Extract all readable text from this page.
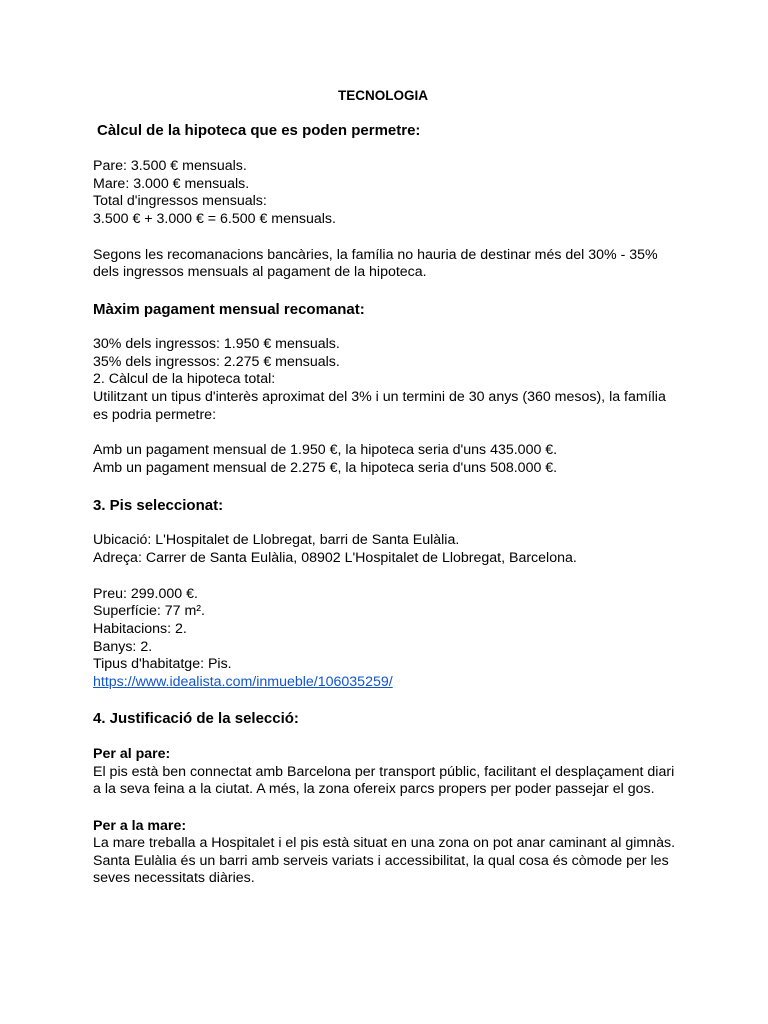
TECNOLOGIA
Càlcul de la hipoteca que es poden permetre:
Pare: 3.500 € mensuals.
Mare: 3.000 € mensuals.
Total d'ingressos mensuals:
3.500 € + 3.000 € = 6.500 € mensuals.
Segons les recomanacions bancàries, la família no hauria de destinar més del 30% - 35%
dels ingressos mensuals al pagament de la hipoteca.
Màxim pagament mensual recomanat:
30% dels ingressos: 1.950 € mensuals.
35% dels ingressos: 2.275 € mensuals.
2. Càlcul de la hipoteca total:
Utilitzant un tipus d'interès aproximat del 3% i un termini de 30 anys (360 mesos), la família
es podria permetre:
Amb un pagament mensual de 1.950 €, la hipoteca seria d'uns 435.000 €.
Amb un pagament mensual de 2.275 €, la hipoteca seria d'uns 508.000 €.
3. Pis seleccionat:
Ubicació: L'Hospitalet de Llobregat, barri de Santa Eulàlia.
Adreça: Carrer de Santa Eulàlia, 08902 L'Hospitalet de Llobregat, Barcelona.
Preu: 299.000 €.
Superfície: 77 m².
Habitacions: 2.
Banys: 2.
Tipus d'habitatge: Pis.
https://www.idealista.com/inmueble/106035259/
4. Justificació de la selecció:
Per al pare:
El pis està ben connectat amb Barcelona per transport públic, facilitant el desplaçament diari
a la seva feina a la ciutat. A més, la zona ofereix parcs propers per poder passejar el gos.
Per a la mare:
La mare treballa a Hospitalet i el pis està situat en una zona on pot anar caminant al gimnàs.
Santa Eulàlia és un barri amb serveis variats i accessibilitat, la qual cosa és còmode per les
seves necessitats diàries.
